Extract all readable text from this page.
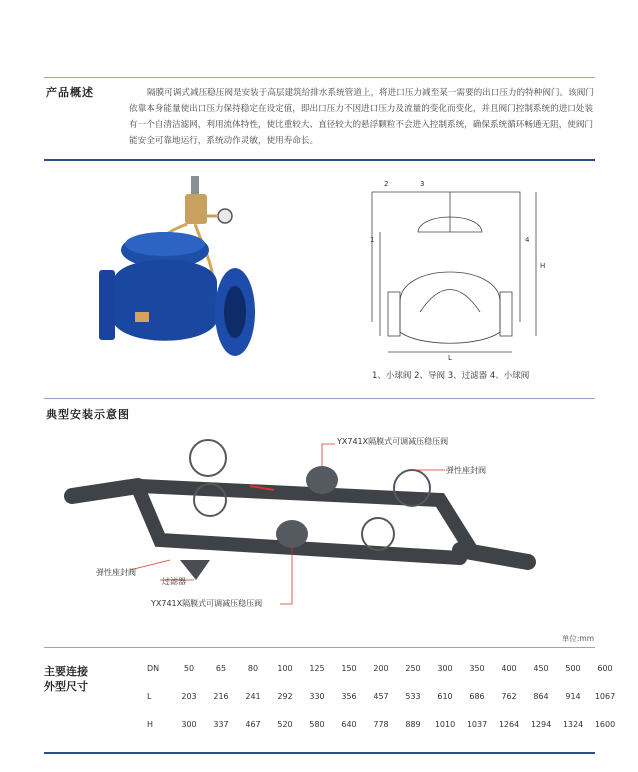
产品概述	隔膜可调式减压稳压阀是安装于高层建筑给排水系统管道上，将进口压力减至某一需要的出口压力的特种阀门。该阀门依靠本身能量使出口压力保持稳定在设定值，即出口压力不因进口压力及流量的变化而变化，并且阀门控制系统的进口处装有一个自清洁滤网，利用流体特性，使比重较大、直径较大的悬浮颗粒不会进入控制系统，确保系统循环畅通无阻，使阀门能安全可靠地运行，系统动作灵敏，使用寿命长。
1
2	3
4
L
H
1、小球阀 2、导阀 3、过滤器 4、小球阀
典型安装示意图
YX741X隔膜式可调减压稳压阀
弹性座封阀
弹性座封阀
过滤器
YX741X隔膜式可调减压稳压阀
单位:mm
主要连接
外型尺寸
DN	50	65	80	100	125	150	200	250	300	350	400	450	500	600
L	203	216	241	292	330	356	457	533	610	686	762	864	914	1067
H	300	337	467	520	580	640	778	889	1010	1037	1264	1294	1324	1600
